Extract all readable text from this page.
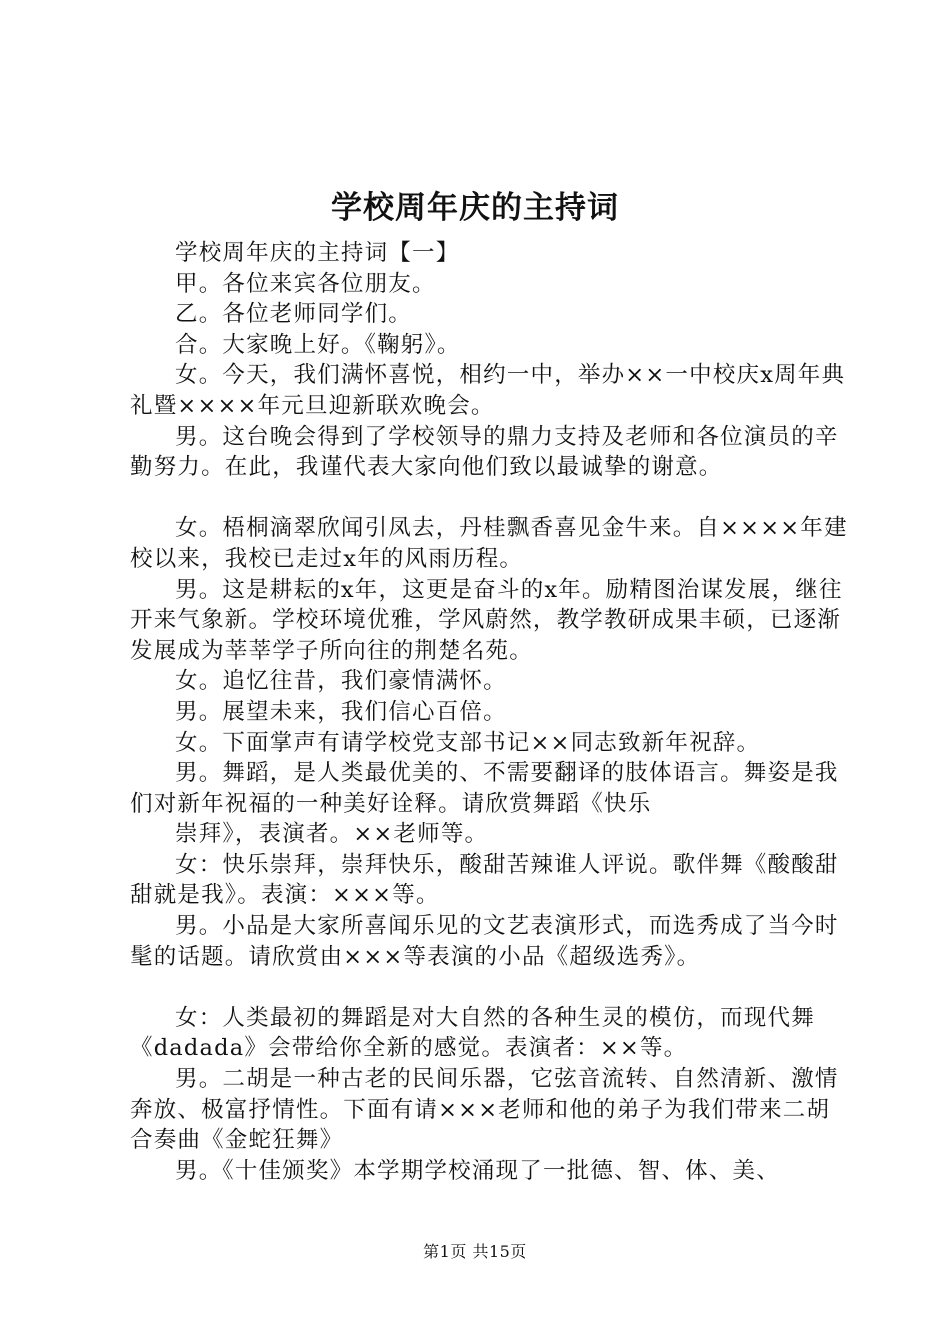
学校周年庆的主持词

学校周年庆的主持词【一】

甲。各位来宾各位朋友。

乙。各位老师同学们。

合。大家晚上好。《鞠躬》。

女。今天，我们满怀喜悦，相约一中，举办××一中校庆x周年典礼暨××××年元旦迎新联欢晚会。

男。这台晚会得到了学校领导的鼎力支持及老师和各位演员的辛勤努力。在此，我谨代表大家向他们致以最诚挚的谢意。

女。梧桐滴翠欣闻引凤去，丹桂飘香喜见金牛来。自××××年建校以来，我校已走过x年的风雨历程。

男。这是耕耘的x年，这更是奋斗的x年。励精图治谋发展，继往开来气象新。学校环境优雅，学风蔚然，教学教研成果丰硕，已逐渐发展成为莘莘学子所向往的荆楚名苑。

女。追忆往昔，我们豪情满怀。

男。展望未来，我们信心百倍。

女。下面掌声有请学校党支部书记××同志致新年祝辞。

男。舞蹈，是人类最优美的、不需要翻译的肢体语言。舞姿是我们对新年祝福的一种美好诠释。请欣赏舞蹈《快乐

崇拜》，表演者。××老师等。

女：快乐崇拜，崇拜快乐，酸甜苦辣谁人评说。歌伴舞《酸酸甜甜就是我》。表演：×××等。

男。小品是大家所喜闻乐见的文艺表演形式，而选秀成了当今时髦的话题。请欣赏由×××等表演的小品《超级选秀》。

女：人类最初的舞蹈是对大自然的各种生灵的模仿，而现代舞《dadada》会带给你全新的感觉。表演者：××等。

男。二胡是一种古老的民间乐器，它弦音流转、自然清新、激情奔放、极富抒情性。下面有请×××老师和他的弟子为我们带来二胡合奏曲《金蛇狂舞》

男。《十佳颁奖》本学期学校涌现了一批德、智、体、美、

第1页 共15页
